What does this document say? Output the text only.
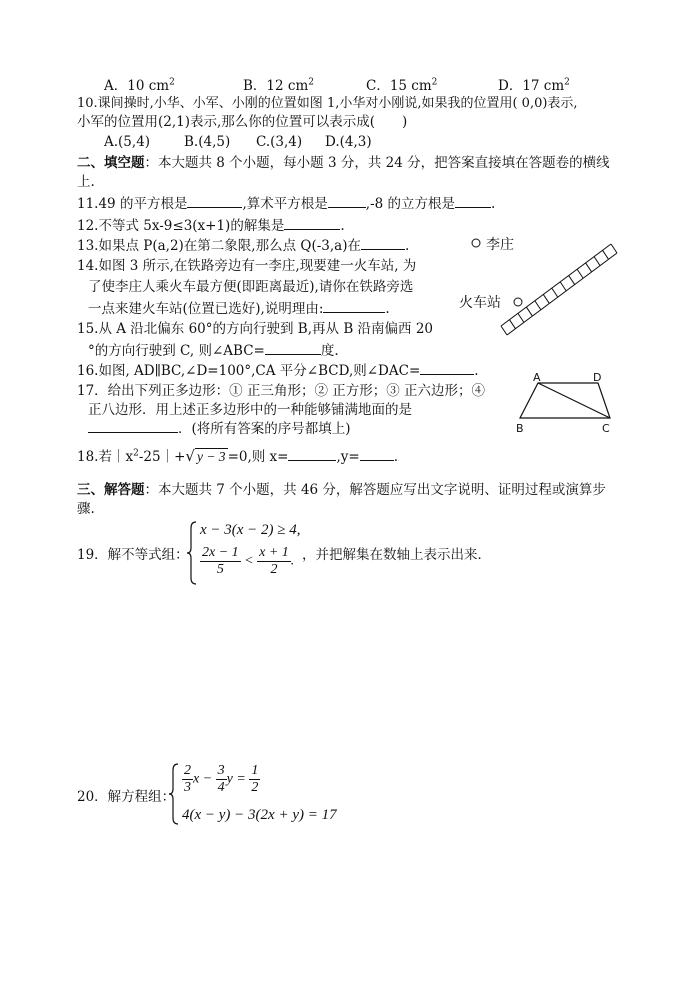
A．10 $cm^2$	B．12 $cm^2$	C．15 $cm^2$	D．17 $cm^2$
10.课间操时,小华、小军、小刚的位置如图 1,小华对小刚说,如果我的位置用( 0,0)表示,
小军的位置用(2,1)表示,那么你的位置可以表示成(　　)
A.(5,4)	B.(4,5) C.(3,4) D.(4,3)
二、填空题：本大题共 8 个小题，每小题 3 分，共 24 分，把答案直接填在答题卷的横线
上.
11.49 的平方根是	,算术平方根是	,-8 的立方根是	.
12.不等式 5x-9≤3(x+1)的解集是	.
13.如果点 P(a,2)在第二象限,那么点 Q(-3,a)在	.
14.如图 3 所示,在铁路旁边有一李庄,现要建一火车站, 为
了使李庄人乘火车最方便(即距离最近),请你在铁路旁选
一点来建火车站(位置已选好),说明理由:	.
李庄
火车站
15.从 A 沿北偏东 60°的方向行驶到 B,再从 B 沿南偏西 20
°的方向行驶到 C, 则∠ABC=	度.
16.如图, AD∥BC,∠D=100°,CA 平分∠BCD,则∠DAC=	.	A	D
B	C
17．给出下列正多边形：① 正三角形；② 正方形；③ 正六边形；④
正八边形．用上述正多边形中的一种能够铺满地面的是
．(将所有答案的序号都填上)
18.若$|x^2-25|+√$ y − 3 =0,则 x=	,y=	.
三、解答题：本大题共 7 个小题，共 46 分，解答题应写出文字说明、证明过程或演算步
骤.
19．解不等式组：
x − 3(x − 2) ≥ 4,
$\frac{2x - 1}{5} < \frac{x + 1}{2}$ . ，并把解集在数轴上表示出来．
20．解方程组：
$\frac{2}{3}$ $x - \frac{3}{4}$ $y = \frac{1}{2}$
4(x − y) − 3(2x + y) = 17
